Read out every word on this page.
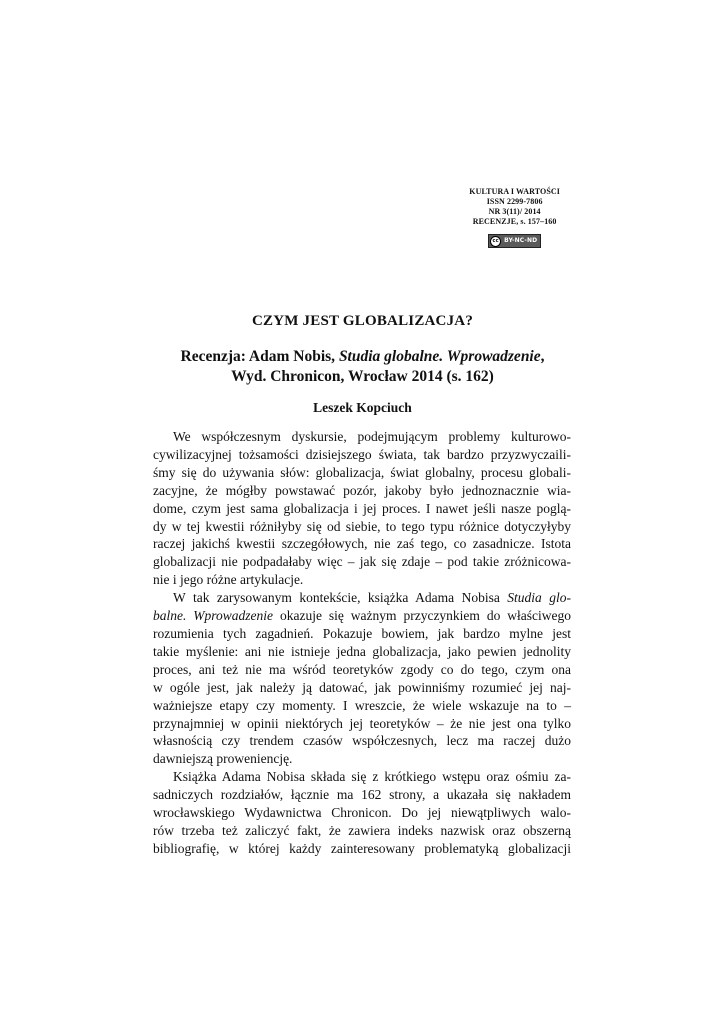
KULTURA I WARTOŚCI
ISSN 2299-7806
NR 3(11)/ 2014
RECENZJE, s. 157–160
cc BY-NC-ND
CZYM JEST GLOBALIZACJA?
Recenzja: Adam Nobis, Studia globalne. Wprowadzenie,
Wyd. Chronicon, Wrocław 2014 (s. 162)
Leszek Kopciuch
We współczesnym dyskursie, podejmującym problemy kulturowo-
cywilizacyjnej tożsamości dzisiejszego świata, tak bardzo przyzwyczaili-
śmy się do używania słów: globalizacja, świat globalny, procesu globali-
zacyjne, że mógłby powstawać pozór, jakoby było jednoznacznie wia-
dome, czym jest sama globalizacja i jej proces. I nawet jeśli nasze poglą-
dy w tej kwestii różniłyby się od siebie, to tego typu różnice dotyczyłyby
raczej jakichś kwestii szczegółowych, nie zaś tego, co zasadnicze. Istota
globalizacji nie podpadałaby więc – jak się zdaje – pod takie zróżnicowa-
nie i jego różne artykulacje.
W tak zarysowanym kontekście, książka Adama Nobisa Studia glo-
balne. Wprowadzenie okazuje się ważnym przyczynkiem do właściwego
rozumienia tych zagadnień. Pokazuje bowiem, jak bardzo mylne jest
takie myślenie: ani nie istnieje jedna globalizacja, jako pewien jednolity
proces, ani też nie ma wśród teoretyków zgody co do tego, czym ona
w ogóle jest, jak należy ją datować, jak powinniśmy rozumieć jej naj-
ważniejsze etapy czy momenty. I wreszcie, że wiele wskazuje na to –
przynajmniej w opinii niektórych jej teoretyków – że nie jest ona tylko
własnością czy trendem czasów współczesnych, lecz ma raczej dużo
dawniejszą proweniencję.
Książka Adama Nobisa składa się z krótkiego wstępu oraz ośmiu za-
sadniczych rozdziałów, łącznie ma 162 strony, a ukazała się nakładem
wrocławskiego Wydawnictwa Chronicon. Do jej niewątpliwych walo-
rów trzeba też zaliczyć fakt, że zawiera indeks nazwisk oraz obszerną
bibliografię, w której każdy zainteresowany problematyką globalizacji
